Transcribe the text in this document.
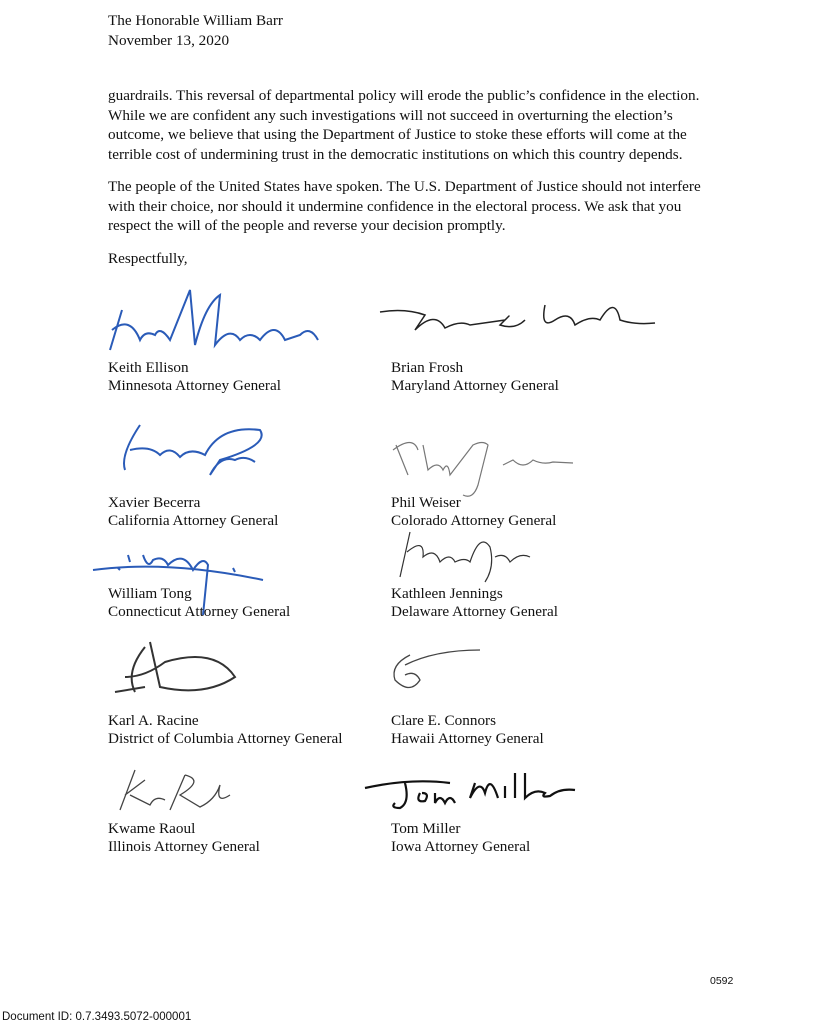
The Honorable William Barr
November 13, 2020
guardrails. This reversal of departmental policy will erode the public’s confidence in the election.
While we are confident any such investigations will not succeed in overturning the election’s
outcome, we believe that using the Department of Justice to stoke these efforts will come at the
terrible cost of undermining trust in the democratic institutions on which this country depends.
The people of the United States have spoken. The U.S. Department of Justice should not interfere
with their choice, nor should it undermine confidence in the electoral process. We ask that you
respect the will of the people and reverse your decision promptly.
Respectfully,
Keith Ellison
Minnesota Attorney General
Brian Frosh
Maryland Attorney General
Xavier Becerra
California Attorney General
Phil Weiser
Colorado Attorney General
William Tong
Connecticut Attorney General
Kathleen Jennings
Delaware Attorney General
Karl A. Racine
District of Columbia Attorney General
Clare E. Connors
Hawaii Attorney General
Kwame Raoul
Illinois Attorney General
Tom Miller
Iowa Attorney General
0592
Document ID: 0.7.3493.5072-000001
